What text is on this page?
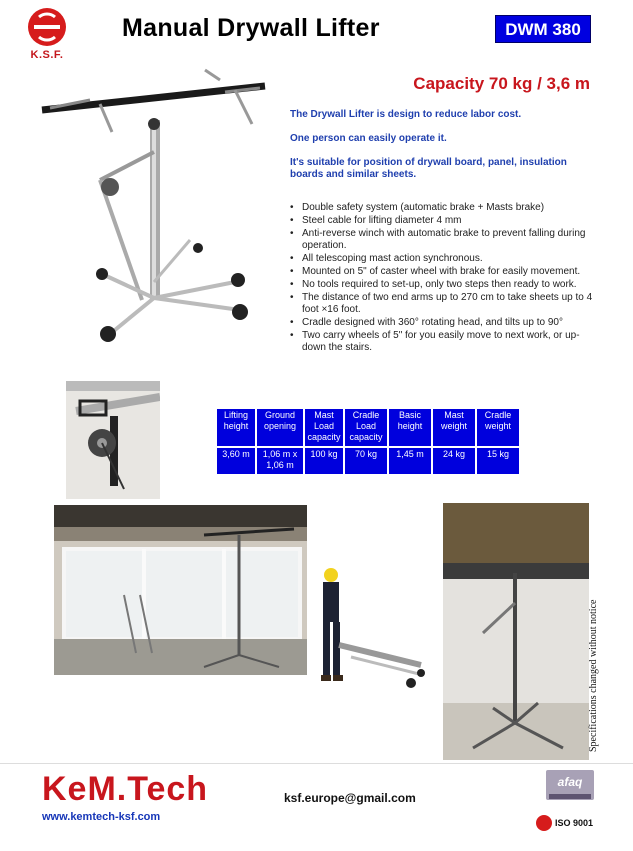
K.S.F.
Manual Drywall Lifter	DWM 380
Capacity 70 kg / 3,6 m

The Drywall Lifter is design to reduce labor cost.

One person can easily operate it.

It's suitable for position of drywall board, panel, insulation boards and similar sheets.

• Double safety system (automatic brake + Masts brake)
• Steel cable for lifting diameter 4 mm
• Anti-reverse winch with automatic brake to prevent falling during operation.
• All telescoping mast action synchronous.
• Mounted on 5" of caster wheel with brake for easily movement.
• No tools required to set-up, only two steps then ready to work.
• The distance of two end arms up to 270 cm to take sheets up to 4 foot ×16 foot.
• Cradle designed with 360° rotating head, and tilts up to 90°
• Two carry wheels of 5" for you easily move to next work, or up-down the stairs.
Lifting height	Ground opening	Mast Load capacity	Cradle Load capacity	Basic height	Mast weight	Cradle weight
3,60 m	1,06 m x 1,06 m	100 kg	70 kg	1,45 m	24 kg	15 kg
Specifications changed without notice
KeM.Tech
www.kemtech-ksf.com
ksf.europe@gmail.com
afaq
ISO 9001
